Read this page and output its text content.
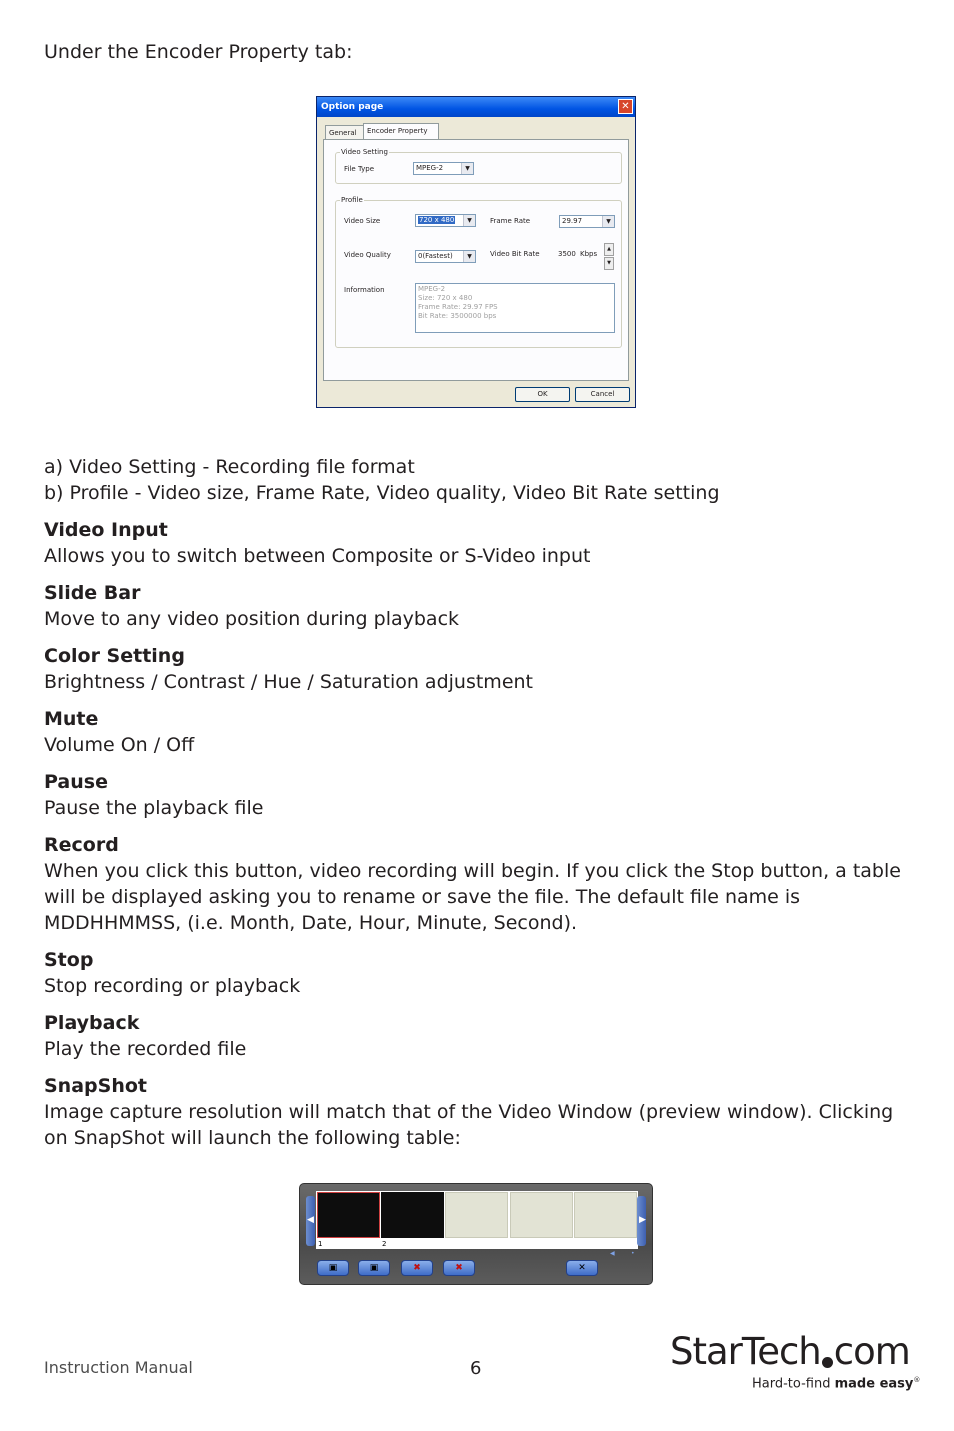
Under the Encoder Property tab:
Option page	✕
General	Encoder Property
Video Setting
File Type	MPEG-2	▼
Profile
Video Size	720 x 480	▼	Frame Rate	29.97	▼
Video Quality	0(Fastest)	▼	Video Bit Rate	3500 Kbps
▲
▼
Information	MPEG-2
Size: 720 x 480
Frame Rate: 29.97 FPS
Bit Rate: 3500000 bps
OK	Cancel

a) Video Setting - Recording file format

b) Profile - Video size, Frame Rate, Video quality, Video Bit Rate setting

Video Input

Allows you to switch between Composite or S-Video input

Slide Bar

Move to any video position during playback

Color Setting

Brightness / Contrast / Hue / Saturation adjustment

Mute

Volume On / Off

Pause

Pause the playback file

Record

When you click this button, video recording will begin. If you click the Stop button, a table will be displayed asking you to rename or save the file. The default file name is MDDHHMMSS, (i.e. Month, Date, Hour, Minute, Second).

Stop

Stop recording or playback

Playback

Play the recorded file

SnapShot

Image capture resolution will match that of the Video Window (preview window). Clicking on SnapShot will launch the following table:

◀
1	2
▶
◀	•
▣	▣	✖	✖	✕
Instruction Manual	6	StarTech com
Hard-to-find made easy®
